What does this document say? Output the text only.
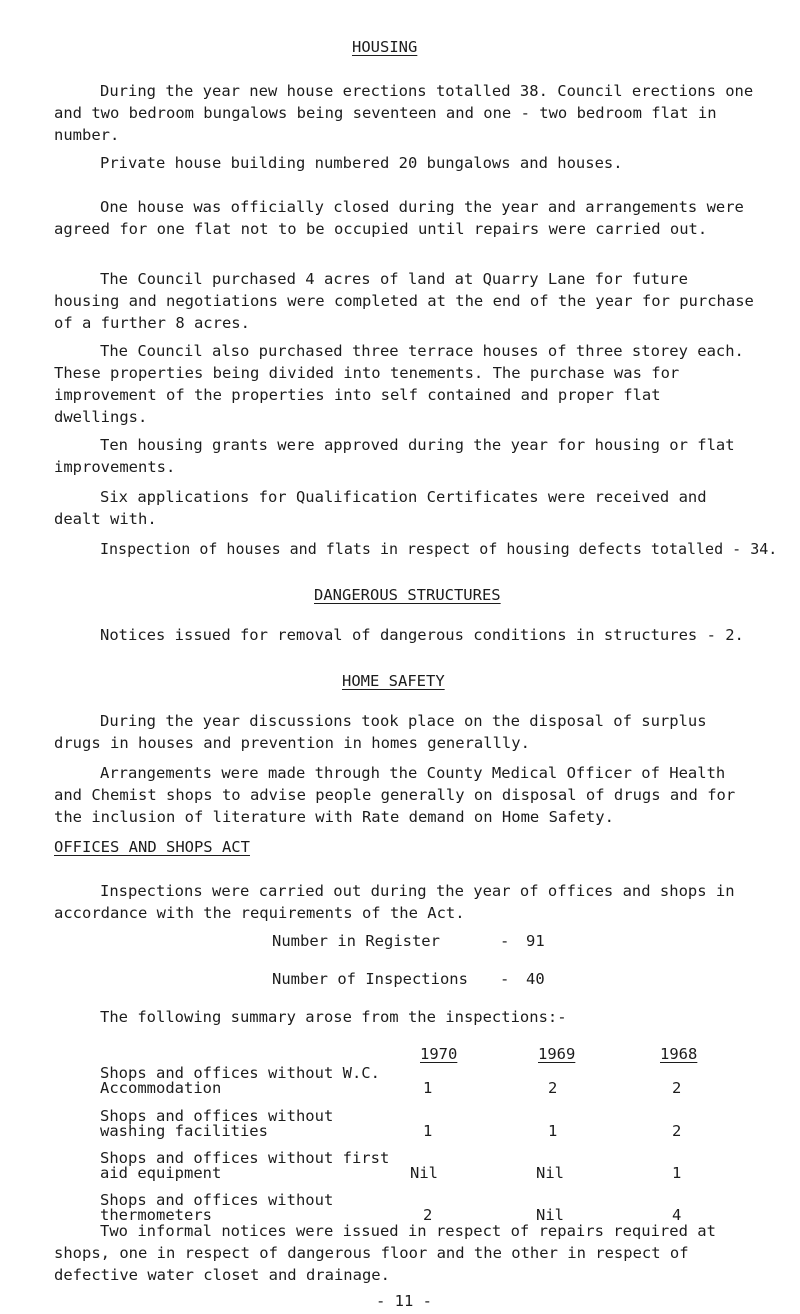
HOUSING
During the year new house erections totalled 38. Council erections one and two bedroom bungalows being seventeen and one - two bedroom flat in number.
Private house building numbered 20 bungalows and houses.
One house was officially closed during the year and arrangements were agreed for one flat not to be occupied until repairs were carried out.
The Council purchased 4 acres of land at Quarry Lane for future housing and negotiations were completed at the end of the year for purchase of a further 8 acres.
The Council also purchased three terrace houses of three storey each. These properties being divided into tenements. The purchase was for improvement of the properties into self contained and proper flat dwellings.
Ten housing grants were approved during the year for housing or flat improvements.
Six applications for Qualification Certificates were received and dealt with.
Inspection of houses and flats in respect of housing defects totalled - 34.
DANGEROUS STRUCTURES
Notices issued for removal of dangerous conditions in structures - 2.
HOME SAFETY
During the year discussions took place on the disposal of surplus drugs in houses and prevention in homes generallly.
Arrangements were made through the County Medical Officer of Health and Chemist shops to advise people generally on disposal of drugs and for the inclusion of literature with Rate demand on Home Safety.
OFFICES AND SHOPS ACT
Inspections were carried out during the year of offices and shops in accordance with the requirements of the Act.
Number in Register	- 91
Number of Inspections - 40
The following summary arose from the inspections:-
1970	1969	1968
Shops and offices without W.C.
Accommodation	1	2	2
Shops and offices without
washing facilities	1	1	2
Shops and offices without first
aid equipment	Nil	Nil	1
Shops and offices without
thermometers	2	Nil	4
Two informal notices were issued in respect of repairs required at shops, one in respect of dangerous floor and the other in respect of defective water closet and drainage.
- 11 -
